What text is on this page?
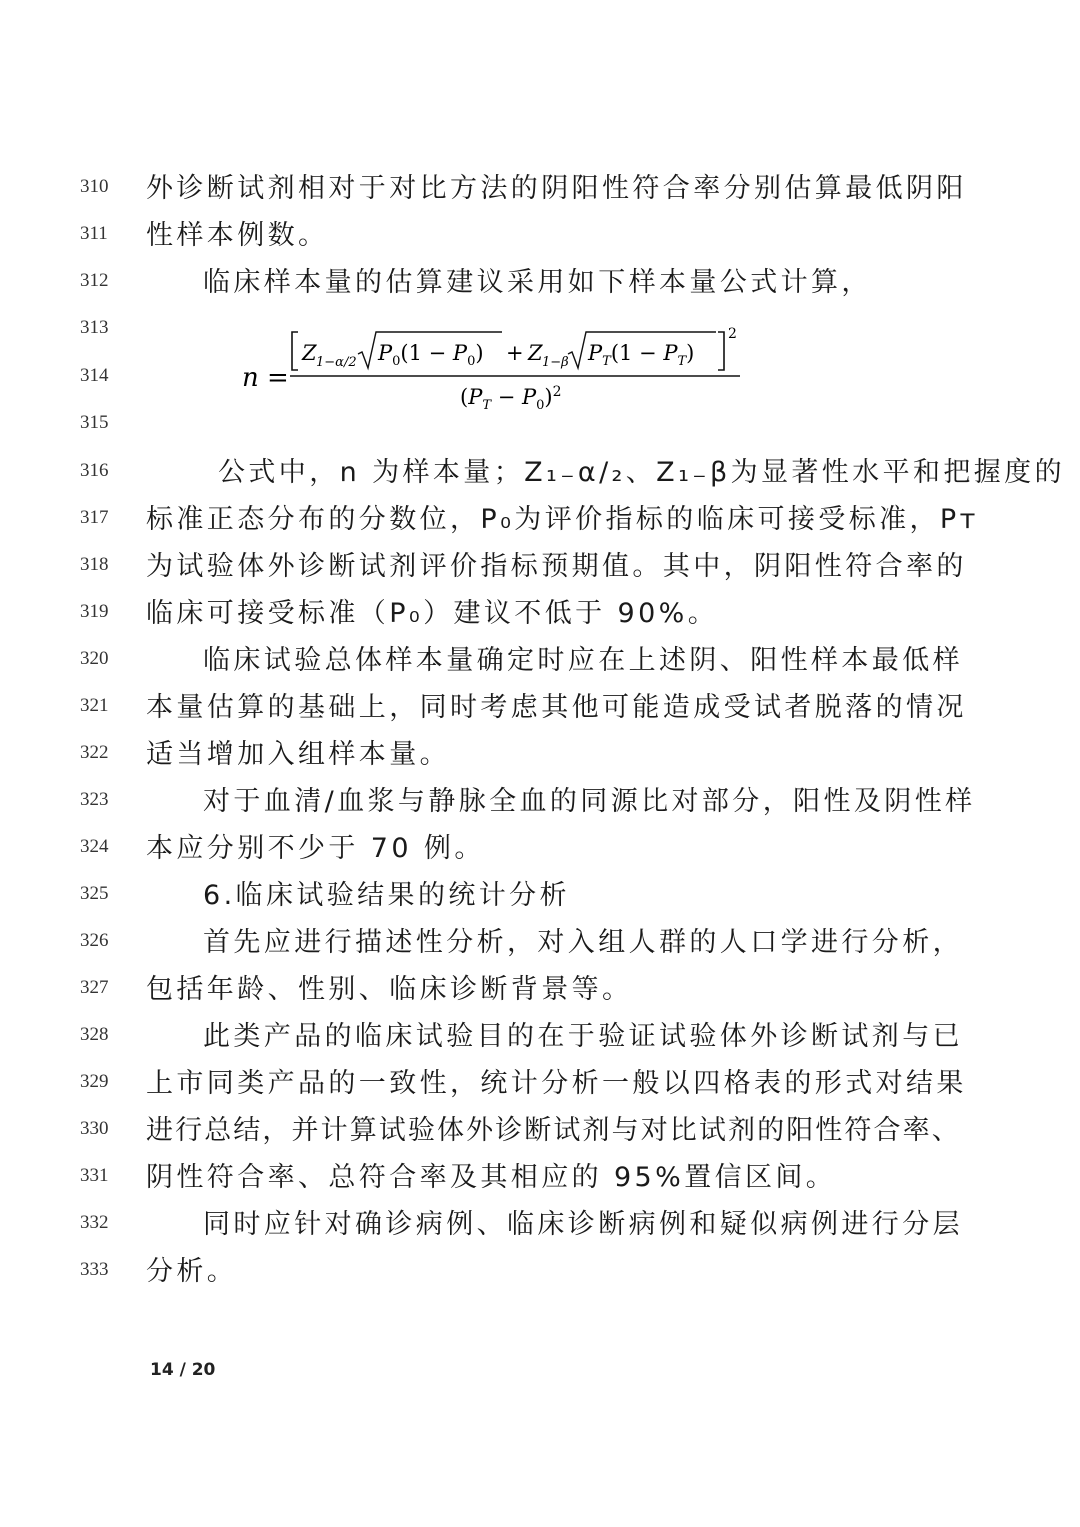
310 外诊断试剂相对于对比方法的阴阳性符合率分别估算最低阴阳
311	性样本例数。
312	临床样本量的估算建议采用如下样本量公式计算，
313
314
315
n =
Z 1−α/2 $P_0(1 - P_0) + Z$ 1−β $P_T(1 - P_T)$
2
$(P_T - P_0)^2$
316	公式中，n 为样本量；Z₁₋α/₂、Z₁₋β为显著性水平和把握度的
317 标准正态分布的分数位，P₀为评价指标的临床可接受标准，Pᴛ
318 为试验体外诊断试剂评价指标预期值。其中，阴阳性符合率的
319 临床可接受标准（P₀）建议不低于 90%。
320	临床试验总体样本量确定时应在上述阴、阳性样本最低样
321 本量估算的基础上，同时考虑其他可能造成受试者脱落的情况
322 适当增加入组样本量。
323	对于血清/血浆与静脉全血的同源比对部分，阳性及阴性样
324 本应分别不少于 70 例。
325	6.临床试验结果的统计分析
326	首先应进行描述性分析，对入组人群的人口学进行分析，
327 包括年龄、性别、临床诊断背景等。
328	此类产品的临床试验目的在于验证试验体外诊断试剂与已
329 上市同类产品的一致性，统计分析一般以四格表的形式对结果
330 进行总结，并计算试验体外诊断试剂与对比试剂的阳性符合率、
331 阴性符合率、总符合率及其相应的 95%置信区间。
332	同时应针对确诊病例、临床诊断病例和疑似病例进行分层
333 分析。
14 / 20
